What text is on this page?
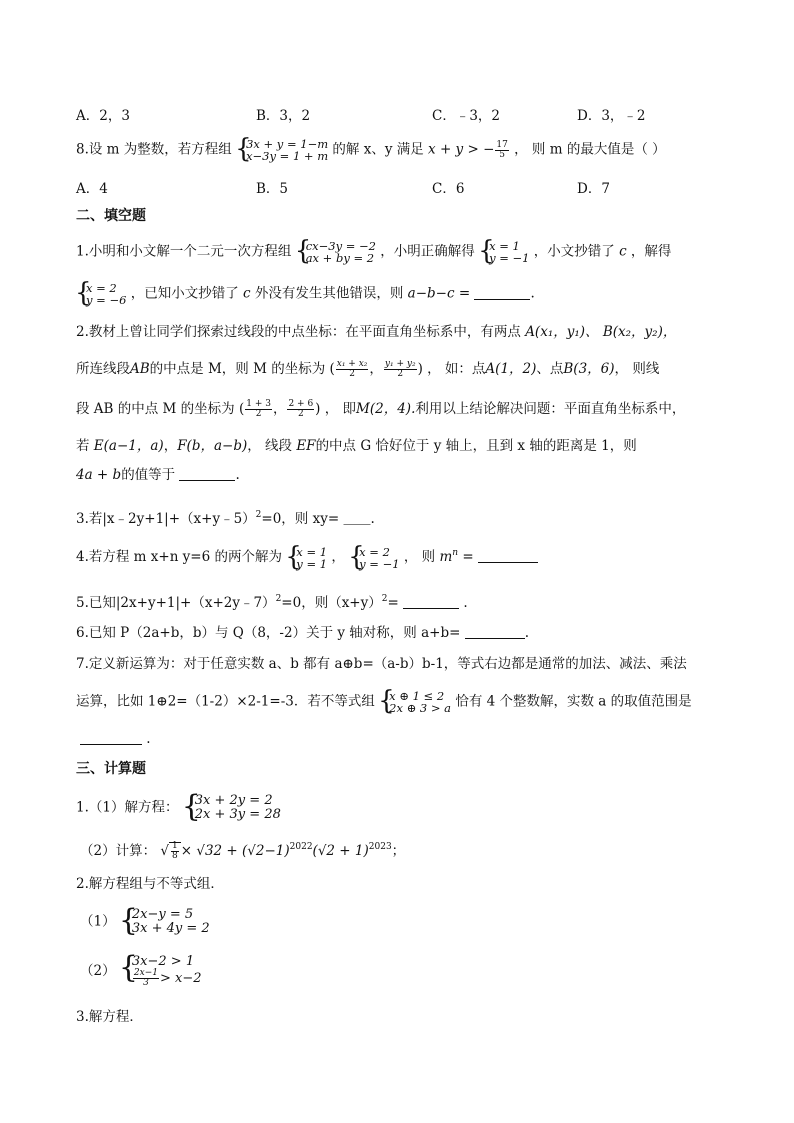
A．2，3	B．3，2	C．﹣3，2	D．3，﹣2
8.设 m 为整数，若方程组 { 3x + y = 1−m
x−3y = 1 + m 的解 x、y 满足 x + y > − $\frac{17}{5}$ ， 则 m 的最大值是（ ）
A．4	B．5	C．6	D．7
二、填空题
1.小明和小文解一个二元一次方程组 { cx−3y = −2
ax + by = 2 ，小明正确解得 { x = 1
y = −1 ，小文抄错了 c ，解得
{ x = 2
y = −6 ，已知小文抄错了 c 外没有发生其他错误，则 a−b−c =	.
2.教材上曾让同学们探索过线段的中点坐标：在平面直角坐标系中，有两点 A(x₁，y₁)、 B(x₂，y₂)，
所连线段AB的中点是 M，则 M 的坐标为 ( $\frac{\text{x₁ + x₂}}{2}$ ， $\frac{\text{y₁ + y₂}}{2}$ ) ， 如：点A(1，2)、点B(3，6)， 则线
段 AB 的中点 M 的坐标为 ( $\frac{1 + 3}{2}$ ， $\frac{2 + 6}{2}$ ) ， 即M(2，4).利用以上结论解决问题：平面直角坐标系中，
若 E(a−1，a)，F(b，a−b)， 线段 EF的中点 G 恰好位于 y 轴上，且到 x 轴的距离是 1，则
4a + b的值等于	.
3.若|x﹣2y+1|+（x+y﹣5）$^2$=0，则 xy= ＿＿.
4.若方程 m x+n y=6 的两个解为 { x = 1
y = 1 ， { x = 2
y = −1 ， 则 $m^n$ =
5.已知|2x+y+1|+（x+2y﹣7）$^2$=0，则$(x+y)^2=$	.
6.已知 P（2a+b，b）与 Q（8，-2）关于 y 轴对称，则 a+b=	.
7.定义新运算为：对于任意实数 a、b 都有 a⊕b=（a-b）b-1，等式右边都是通常的加法、减法、乘法
运算，比如 1⊕2=（1-2）×2-1=-3．若不等式组 { x ⊕ 1 ≤ 2
2x ⊕ 3 > a 恰有 4 个整数解，实数 a 的取值范围是
.
三、计算题
1.（1）解方程： { 3x + 2y = 2
2x + 3y = 28
（2）计算： √ $\frac{1}{8} \times √32 + (√2-1)^{2022}(√2 + 1)^{2023}$；
2.解方程组与不等式组．
（1） { 2x−y = 5
3x + 4y = 2
（2）
{ 3x−2 > 1
$\frac{2x-1}{3} > x-2$
3.解方程．
